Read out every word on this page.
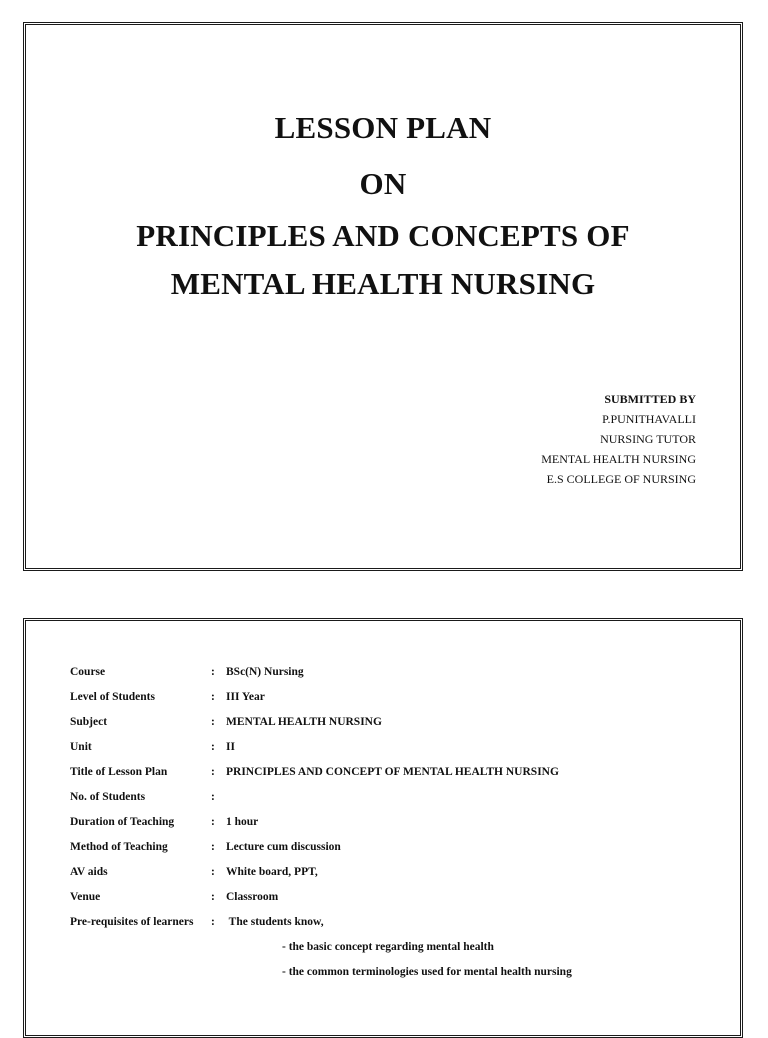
LESSON PLAN
ON
PRINCIPLES AND CONCEPTS OF
MENTAL HEALTH NURSING
SUBMITTED BY
P.PUNITHAVALLI
NURSING TUTOR
MENTAL HEALTH NURSING
E.S COLLEGE OF NURSING
Course	: BSc(N) Nursing
Level of Students	: III Year
Subject	: MENTAL HEALTH NURSING
Unit	: II
Title of Lesson Plan	: PRINCIPLES AND CONCEPT OF MENTAL HEALTH NURSING
No. of Students	:
Duration of Teaching	: 1 hour
Method of Teaching	: Lecture cum discussion
AV aids	: White board, PPT,
Venue	: Classroom
Pre-requisites of learners	: The students know,
- the basic concept regarding mental health
- the common terminologies used for mental health nursing
